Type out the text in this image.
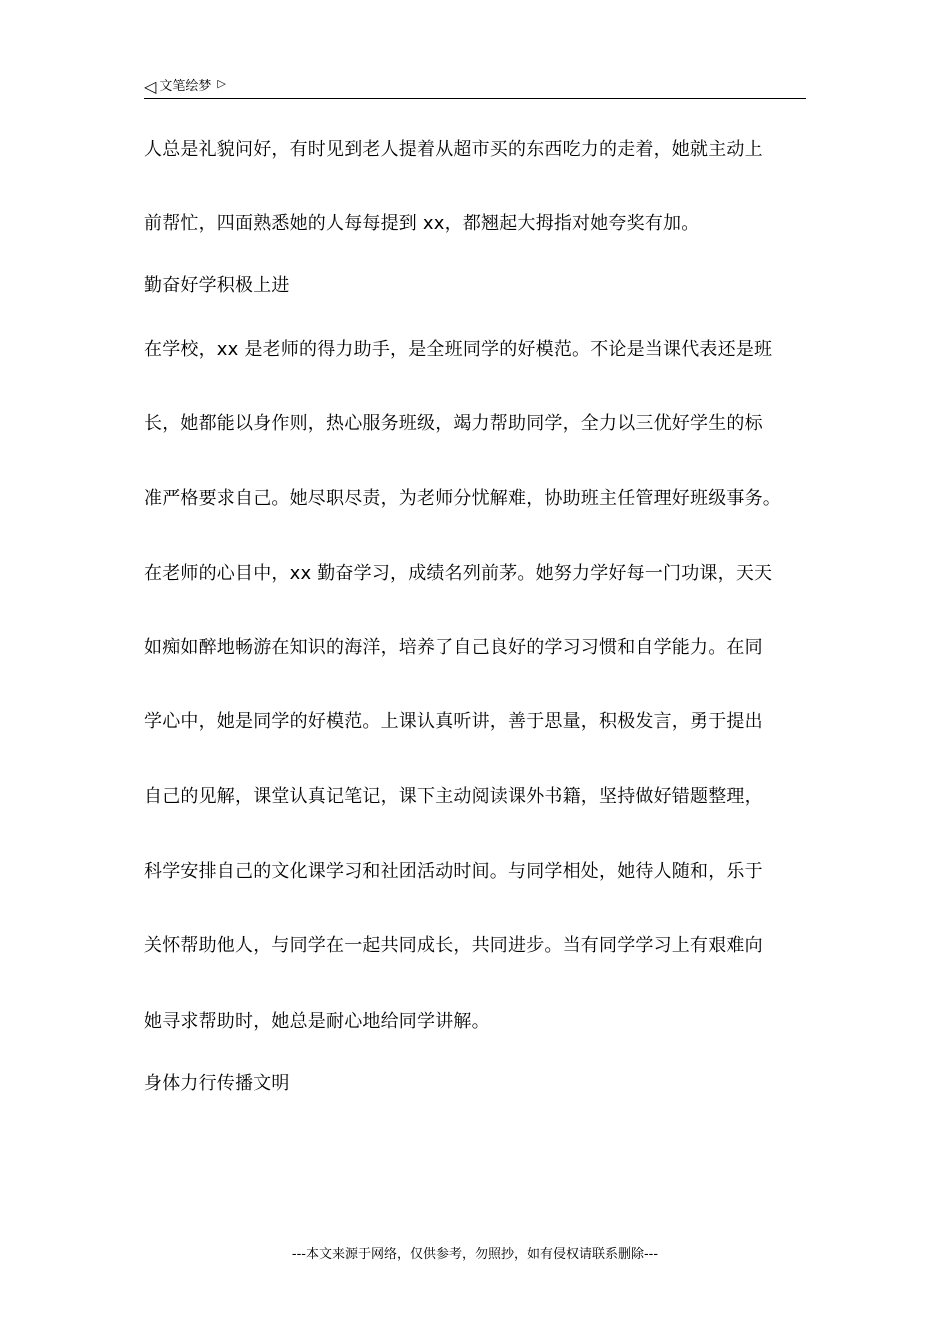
◁ 文笔绘梦 ▷
人总是礼貌问好，有时见到老人提着从超市买的东西吃力的走着，她就主动上
前帮忙，四面熟悉她的人每每提到 xx，都翘起大拇指对她夸奖有加。
勤奋好学积极上进
在学校，xx 是老师的得力助手，是全班同学的好模范。不论是当课代表还是班
长，她都能以身作则，热心服务班级，竭力帮助同学，全力以三优好学生的标
准严格要求自己。她尽职尽责，为老师分忧解难，协助班主任管理好班级事务。
在老师的心目中，xx 勤奋学习，成绩名列前茅。她努力学好每一门功课，天天
如痴如醉地畅游在知识的海洋，培养了自己良好的学习习惯和自学能力。在同
学心中，她是同学的好模范。上课认真听讲，善于思量，积极发言，勇于提出
自己的见解，课堂认真记笔记，课下主动阅读课外书籍，坚持做好错题整理，
科学安排自己的文化课学习和社团活动时间。与同学相处，她待人随和，乐于
关怀帮助他人，与同学在一起共同成长，共同进步。当有同学学习上有艰难向
她寻求帮助时，她总是耐心地给同学讲解。
身体力行传播文明
---本文来源于网络，仅供参考，勿照抄，如有侵权请联系删除---
